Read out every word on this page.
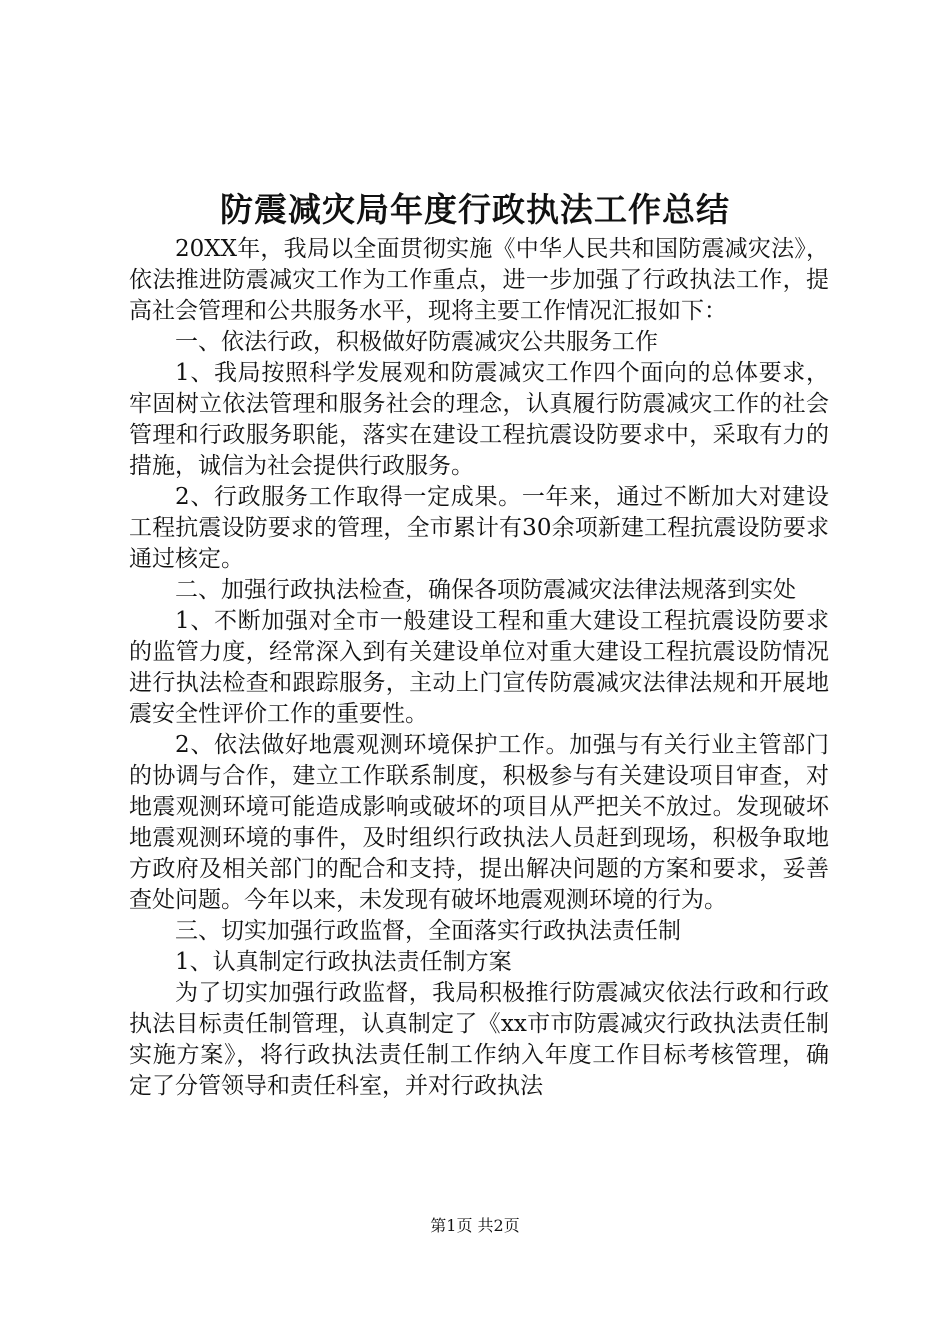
防震减灾局年度行政执法工作总结

20XX年，我局以全面贯彻实施《中华人民共和国防震减灾法》，依法推进防震减灾工作为工作重点，进一步加强了行政执法工作，提高社会管理和公共服务水平，现将主要工作情况汇报如下：

一、依法行政，积极做好防震减灾公共服务工作

1、我局按照科学发展观和防震减灾工作四个面向的总体要求，牢固树立依法管理和服务社会的理念，认真履行防震减灾工作的社会管理和行政服务职能，落实在建设工程抗震设防要求中，采取有力的措施，诚信为社会提供行政服务。

2、行政服务工作取得一定成果。一年来，通过不断加大对建设工程抗震设防要求的管理，全市累计有30余项新建工程抗震设防要求通过核定。

二、加强行政执法检查，确保各项防震减灾法律法规落到实处

1、不断加强对全市一般建设工程和重大建设工程抗震设防要求的监管力度，经常深入到有关建设单位对重大建设工程抗震设防情况进行执法检查和跟踪服务，主动上门宣传防震减灾法律法规和开展地震安全性评价工作的重要性。

2、依法做好地震观测环境保护工作。加强与有关行业主管部门的协调与合作，建立工作联系制度，积极参与有关建设项目审查，对地震观测环境可能造成影响或破坏的项目从严把关不放过。发现破坏地震观测环境的事件，及时组织行政执法人员赶到现场，积极争取地方政府及相关部门的配合和支持，提出解决问题的方案和要求，妥善查处问题。今年以来，未发现有破坏地震观测环境的行为。

三、切实加强行政监督，全面落实行政执法责任制

1、认真制定行政执法责任制方案

为了切实加强行政监督，我局积极推行防震减灾依法行政和行政执法目标责任制管理，认真制定了《xx市市防震减灾行政执法责任制实施方案》，将行政执法责任制工作纳入年度工作目标考核管理，确定了分管领导和责任科室，并对行政执法

第1页 共2页
